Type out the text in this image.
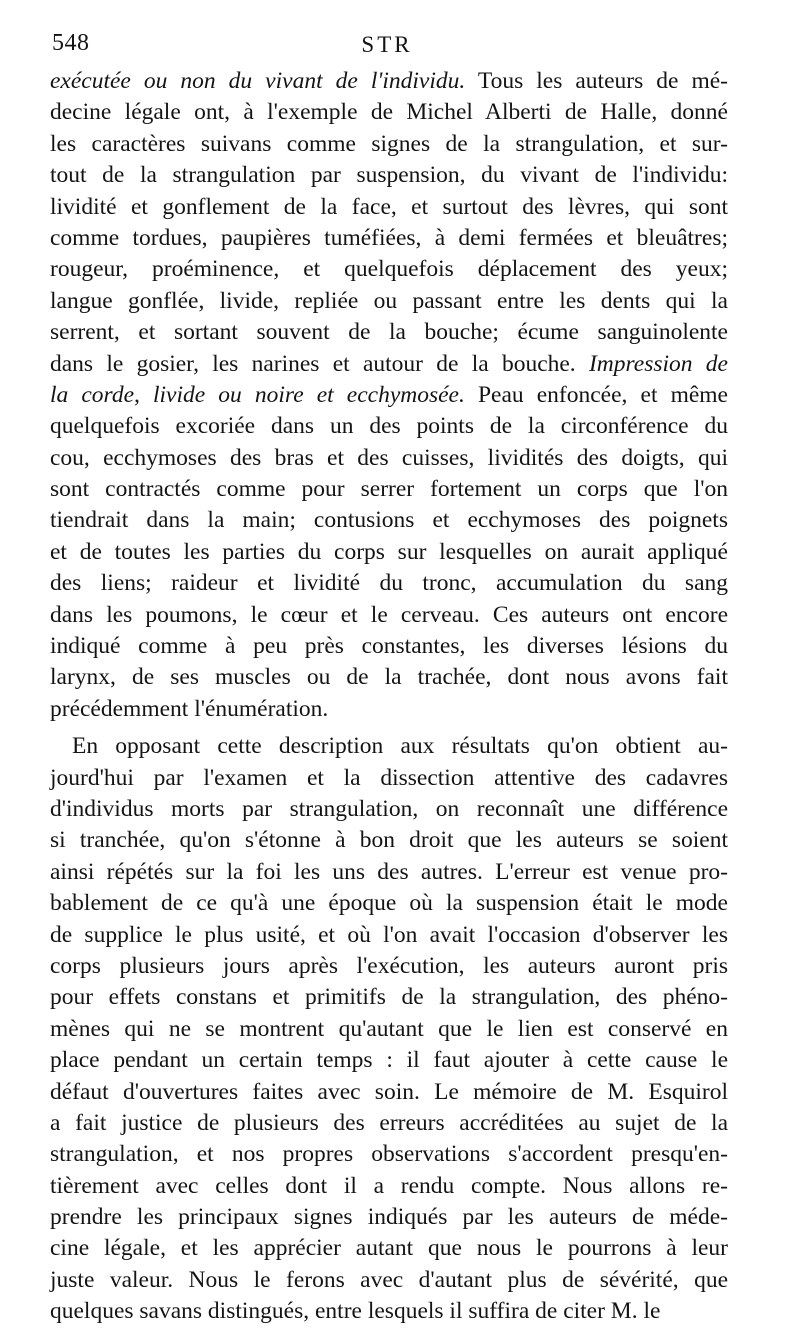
548	STR
exécutée ou non du vivant de l'individu. Tous les auteurs de mé-
decine légale ont, à l'exemple de Michel Alberti de Halle, donné
les caractères suivans comme signes de la strangulation, et sur-
tout de la strangulation par suspension, du vivant de l'individu:
lividité et gonflement de la face, et surtout des lèvres, qui sont
comme tordues, paupières tuméfiées, à demi fermées et bleuâtres;
rougeur, proéminence, et quelquefois déplacement des yeux;
langue gonflée, livide, repliée ou passant entre les dents qui la
serrent, et sortant souvent de la bouche; écume sanguinolente
dans le gosier, les narines et autour de la bouche. Impression de
la corde, livide ou noire et ecchymosée. Peau enfoncée, et même
quelquefois excoriée dans un des points de la circonférence du
cou, ecchymoses des bras et des cuisses, lividités des doigts, qui
sont contractés comme pour serrer fortement un corps que l'on
tiendrait dans la main; contusions et ecchymoses des poignets
et de toutes les parties du corps sur lesquelles on aurait appliqué
des liens; raideur et lividité du tronc, accumulation du sang
dans les poumons, le cœur et le cerveau. Ces auteurs ont encore
indiqué comme à peu près constantes, les diverses lésions du
larynx, de ses muscles ou de la trachée, dont nous avons fait
précédemment l'énumération.
En opposant cette description aux résultats qu'on obtient au-
jourd'hui par l'examen et la dissection attentive des cadavres
d'individus morts par strangulation, on reconnaît une différence
si tranchée, qu'on s'étonne à bon droit que les auteurs se soient
ainsi répétés sur la foi les uns des autres. L'erreur est venue pro-
bablement de ce qu'à une époque où la suspension était le mode
de supplice le plus usité, et où l'on avait l'occasion d'observer les
corps plusieurs jours après l'exécution, les auteurs auront pris
pour effets constans et primitifs de la strangulation, des phéno-
mènes qui ne se montrent qu'autant que le lien est conservé en
place pendant un certain temps : il faut ajouter à cette cause le
défaut d'ouvertures faites avec soin. Le mémoire de M. Esquirol
a fait justice de plusieurs des erreurs accréditées au sujet de la
strangulation, et nos propres observations s'accordent presqu'en-
tièrement avec celles dont il a rendu compte. Nous allons re-
prendre les principaux signes indiqués par les auteurs de méde-
cine légale, et les apprécier autant que nous le pourrons à leur
juste valeur. Nous le ferons avec d'autant plus de sévérité, que
quelques savans distingués, entre lesquels il suffira de citer M. le
